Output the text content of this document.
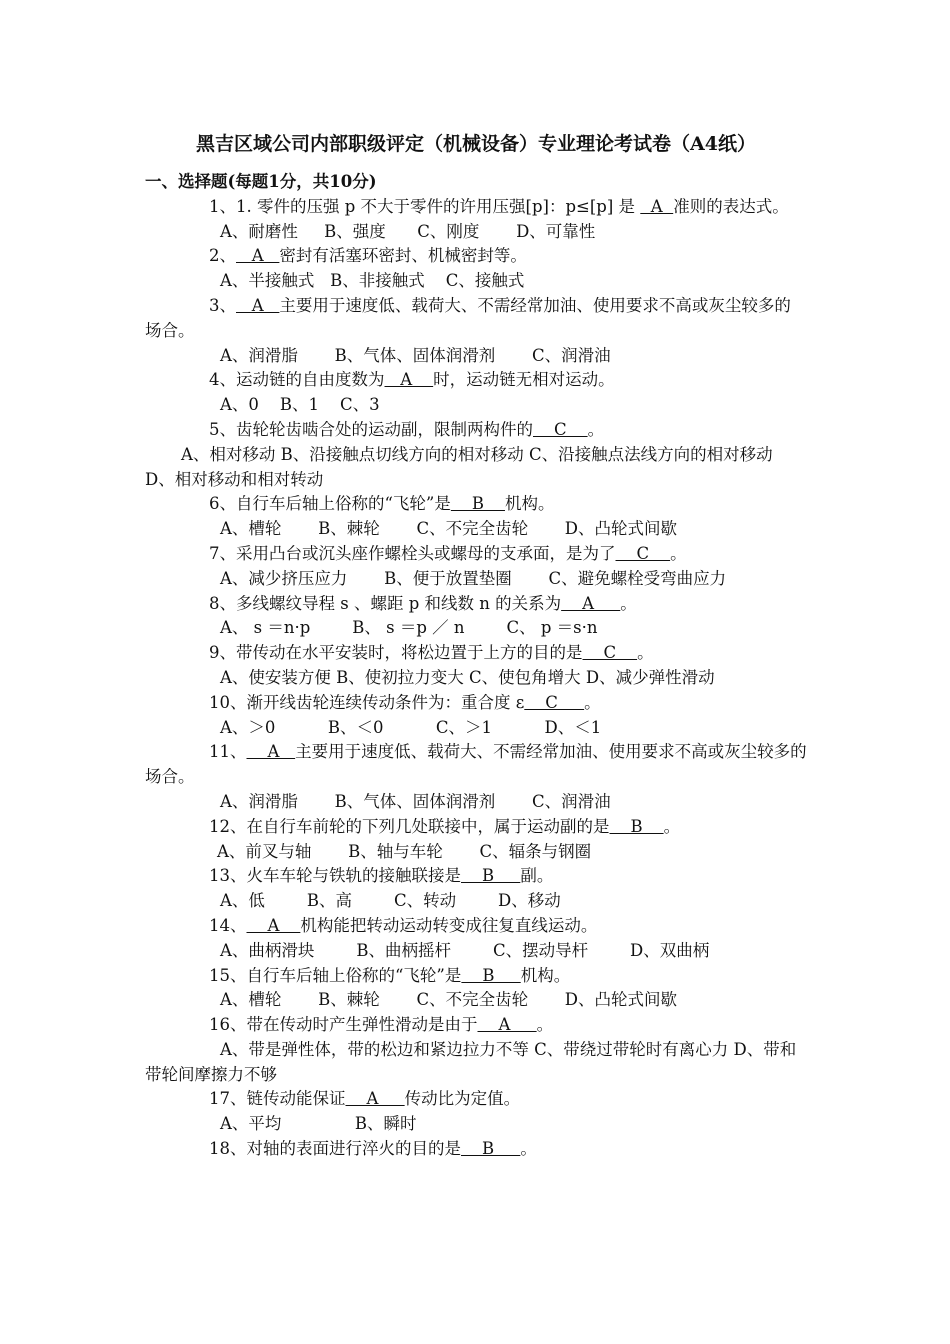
黑吉区域公司内部职级评定（机械设备）专业理论考试卷（A4纸）

一、选择题(每题1分，共10分)

1、1. 零件的压强 p 不大于零件的许用压强[p]：p≤[p] 是   A  准则的表达式。

A、耐磨性     B、强度      C、刚度       D、可靠性

2、   A   密封有活塞环密封、机械密封等。

A、半接触式   B、非接触式    C、接触式

3、   A   主要用于速度低、载荷大、不需经常加油、使用要求不高或灰尘较多的场合。

A、润滑脂       B、气体、固体润滑剂       C、润滑油

4、运动链的自由度数为   A    时，运动链无相对运动。

A、0    B、1    C、3

5、齿轮轮齿啮合处的运动副，限制两构件的    C    。

A、相对移动 B、沿接触点切线方向的相对移动 C、沿接触点法线方向的相对移动 D、相对移动和相对转动

6、自行车后轴上俗称的“飞轮”是    B    机构。

A、槽轮       B、棘轮       C、不完全齿轮       D、凸轮式间歇

7、采用凸台或沉头座作螺栓头或螺母的支承面，是为了    C    。

A、减少挤压应力       B、便于放置垫圈       C、避免螺栓受弯曲应力

8、多线螺纹导程 s 、螺距 p 和线数 n 的关系为    A     。

A、 s ＝n·p        B、 s ＝p ／ n        C、 p ＝s·n

9、带传动在水平安装时，将松边置于上方的目的是    C    。

A、使安装方便 B、使初拉力变大 C、使包角增大 D、减少弹性滑动

10、渐开线齿轮连续传动条件为：重合度 ε    C     。

A、＞0          B、＜0          C、＞1          D、＜1

11、    A   主要用于速度低、载荷大、不需经常加油、使用要求不高或灰尘较多的场合。

A、润滑脂       B、气体、固体润滑剂       C、润滑油

12、在自行车前轮的下列几处联接中，属于运动副的是    B    。

A、前叉与轴       B、轴与车轮       C、辐条与钢圈

13、火车车轮与铁轨的接触联接是    B     副。

A、低        B、高        C、转动        D、移动

14、    A    机构能把转动运动转变成往复直线运动。

A、曲柄滑块        B、曲柄摇杆        C、摆动导杆        D、双曲柄

15、自行车后轴上俗称的“飞轮”是    B     机构。

A、槽轮       B、棘轮       C、不完全齿轮       D、凸轮式间歇

16、带在传动时产生弹性滑动是由于    A     。

A、带是弹性体，带的松边和紧边拉力不等 C、带绕过带轮时有离心力 D、带和带轮间摩擦力不够

17、链传动能保证    A     传动比为定值。

A、平均              B、瞬时

18、对轴的表面进行淬火的目的是    B     。
